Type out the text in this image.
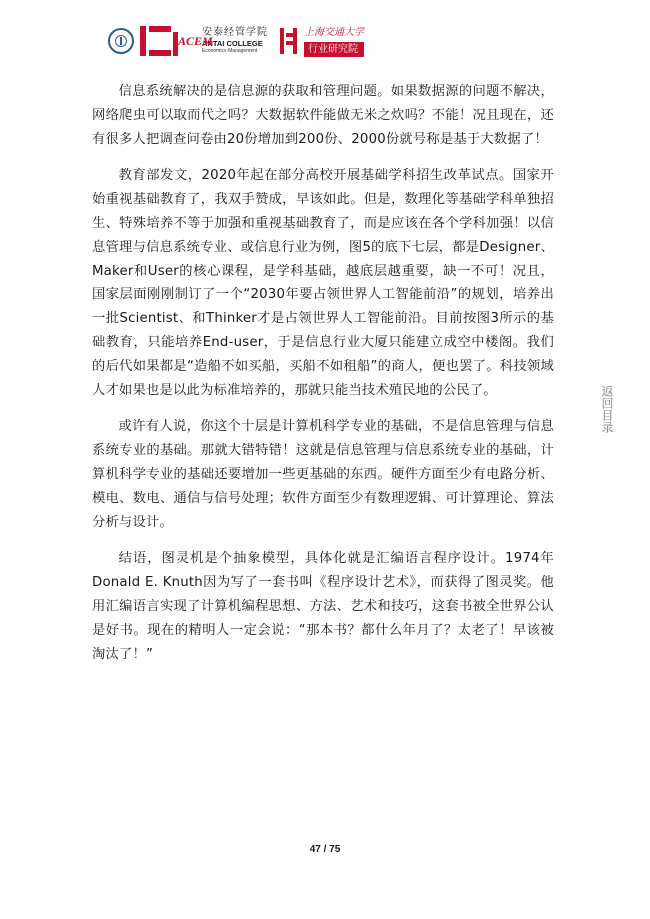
ACEM
安泰经管学院
ANTAI COLLEGE
Economics·Management
上海交通大学
行业研究院

信息系统解决的是信息源的获取和管理问题。如果数据源的问题不解决，网络爬虫可以取而代之吗？大数据软件能做无米之炊吗？不能！况且现在，还有很多人把调查问卷由20份增加到200份、2000份就号称是基于大数据了！

教育部发文，2020年起在部分高校开展基础学科招生改革试点。国家开始重视基础教育了，我双手赞成，早该如此。但是，数理化等基础学科单独招生、特殊培养不等于加强和重视基础教育了，而是应该在各个学科加强！以信息管理与信息系统专业、或信息行业为例，图5的底下七层，都是Designer、Maker和User的核心课程，是学科基础，越底层越重要，缺一不可！况且，国家层面刚刚制订了一个“2030年要占领世界人工智能前沿”的规划，培养出一批Scientist、和Thinker才是占领世界人工智能前沿。目前按图3所示的基础教育，只能培养End-user，于是信息行业大厦只能建立成空中楼阁。我们的后代如果都是“造船不如买船，买船不如租船”的商人，便也罢了。科技领域人才如果也是以此为标准培养的，那就只能当技术殖民地的公民了。

或许有人说，你这个十层是计算机科学专业的基础，不是信息管理与信息系统专业的基础。那就大错特错！这就是信息管理与信息系统专业的基础，计算机科学专业的基础还要增加一些更基础的东西。硬件方面至少有电路分析、模电、数电、通信与信号处理；软件方面至少有数理逻辑、可计算理论、算法分析与设计。

结语，图灵机是个抽象模型，具体化就是汇编语言程序设计。1974年Donald E. Knuth因为写了一套书叫《程序设计艺术》，而获得了图灵奖。他用汇编语言实现了计算机编程思想、方法、艺术和技巧，这套书被全世界公认是好书。现在的精明人一定会说：“那本书？都什么年月了？太老了！早该被淘汰了！”

返回目录
47 / 75
